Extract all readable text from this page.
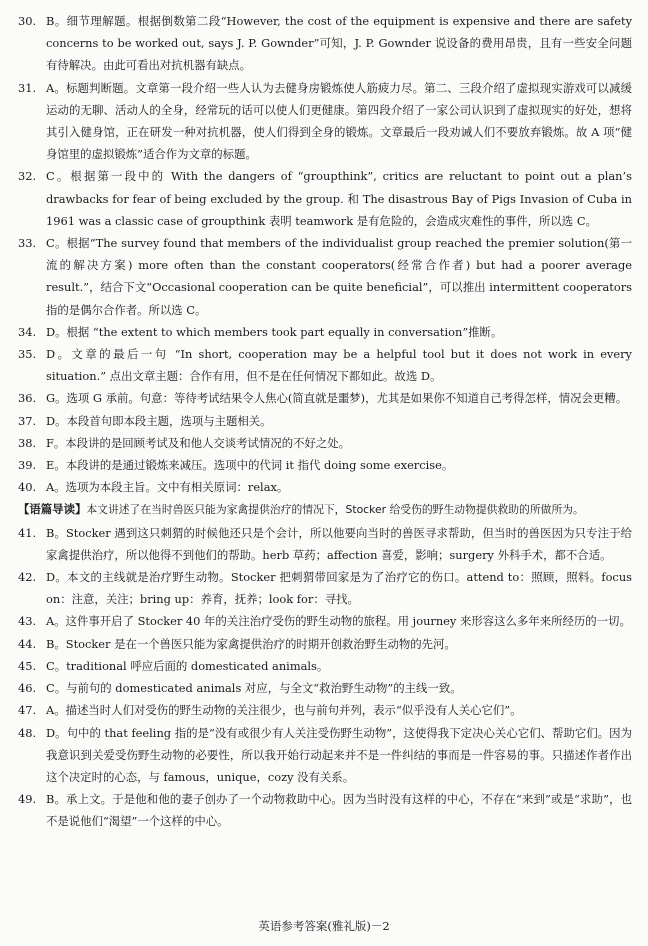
30. B。细节理解题。根据倒数第二段“However, the cost of the equipment is expensive and there are safety concerns to be worked out, says J. P. Gownder”可知，J. P. Gownder 说设备的费用昂贵，且有一些安全问题有待解决。由此可看出对抗机器有缺点。
31. A。标题判断题。文章第一段介绍一些人认为去健身房锻炼使人筋疲力尽。第二、三段介绍了虚拟现实游戏可以减缓运动的无聊、活动人的全身，经常玩的话可以使人们更健康。第四段介绍了一家公司认识到了虚拟现实的好处，想将其引入健身馆，正在研发一种对抗机器，使人们得到全身的锻炼。文章最后一段劝诫人们不要放弃锻炼。故 A 项“健身馆里的虚拟锻炼”适合作为文章的标题。
32. C。根据第一段中的 With the dangers of “groupthink”, critics are reluctant to point out a plan’s drawbacks for fear of being excluded by the group. 和 The disastrous Bay of Pigs Invasion of Cuba in 1961 was a classic case of groupthink 表明 teamwork 是有危险的，会造成灾难性的事件，所以选 C。
33. C。根据“The survey found that members of the individualist group reached the premier solution(第一流的解决方案) more often than the constant cooperators(经常合作者) but had a poorer average result.”，结合下文“Occasional cooperation can be quite beneficial”，可以推出 intermittent cooperators 指的是偶尔合作者。所以选 C。
34. D。根据 “the extent to which members took part equally in conversation”推断。
35. D。文章的最后一句 “In short, cooperation may be a helpful tool but it does not work in every situation.” 点出文章主题：合作有用，但不是在任何情况下都如此。故选 D。
36. G。选项 G 承前。句意：等待考试结果令人焦心(简直就是噩梦)，尤其是如果你不知道自己考得怎样，情况会更糟。
37. D。本段首句即本段主题，选项与主题相关。
38. F。本段讲的是回顾考试及和他人交谈考试情况的不好之处。
39. E。本段讲的是通过锻炼来减压。选项中的代词 it 指代 doing some exercise。
40. A。选项为本段主旨。文中有相关原词：relax。
【语篇导读】本文讲述了在当时兽医只能为家禽提供治疗的情况下，Stocker 给受伤的野生动物提供救助的所做所为。
41. B。Stocker 遇到这只刺猬的时候他还只是个会计，所以他要向当时的兽医寻求帮助，但当时的兽医因为只专注于给家禽提供治疗，所以他得不到他们的帮助。herb 草药；affection 喜爱，影响；surgery 外科手术，都不合适。
42. D。本文的主线就是治疗野生动物。Stocker 把刺猬带回家是为了治疗它的伤口。attend to：照顾，照料。focus on：注意，关注；bring up：养育，抚养；look for：寻找。
43. A。这件事开启了 Stocker 40 年的关注治疗受伤的野生动物的旅程。用 journey 来形容这么多年来所经历的一切。
44. B。Stocker 是在一个兽医只能为家禽提供治疗的时期开创救治野生动物的先河。
45. C。traditional 呼应后面的 domesticated animals。
46. C。与前句的 domesticated animals 对应，与全文“救治野生动物”的主线一致。
47. A。描述当时人们对受伤的野生动物的关注很少，也与前句并列，表示“似乎没有人关心它们”。
48. D。句中的 that feeling 指的是“没有或很少有人关注受伤野生动物”，这使得我下定决心关心它们、帮助它们。因为我意识到关爱受伤野生动物的必要性，所以我开始行动起来并不是一件纠结的事而是一件容易的事。只描述作者作出这个决定时的心态，与 famous，unique，cozy 没有关系。
49. B。承上文。于是他和他的妻子创办了一个动物救助中心。因为当时没有这样的中心，不存在“来到”或是“求助”，也不是说他们“渴望”一个这样的中心。
英语参考答案(雅礼版)－2
